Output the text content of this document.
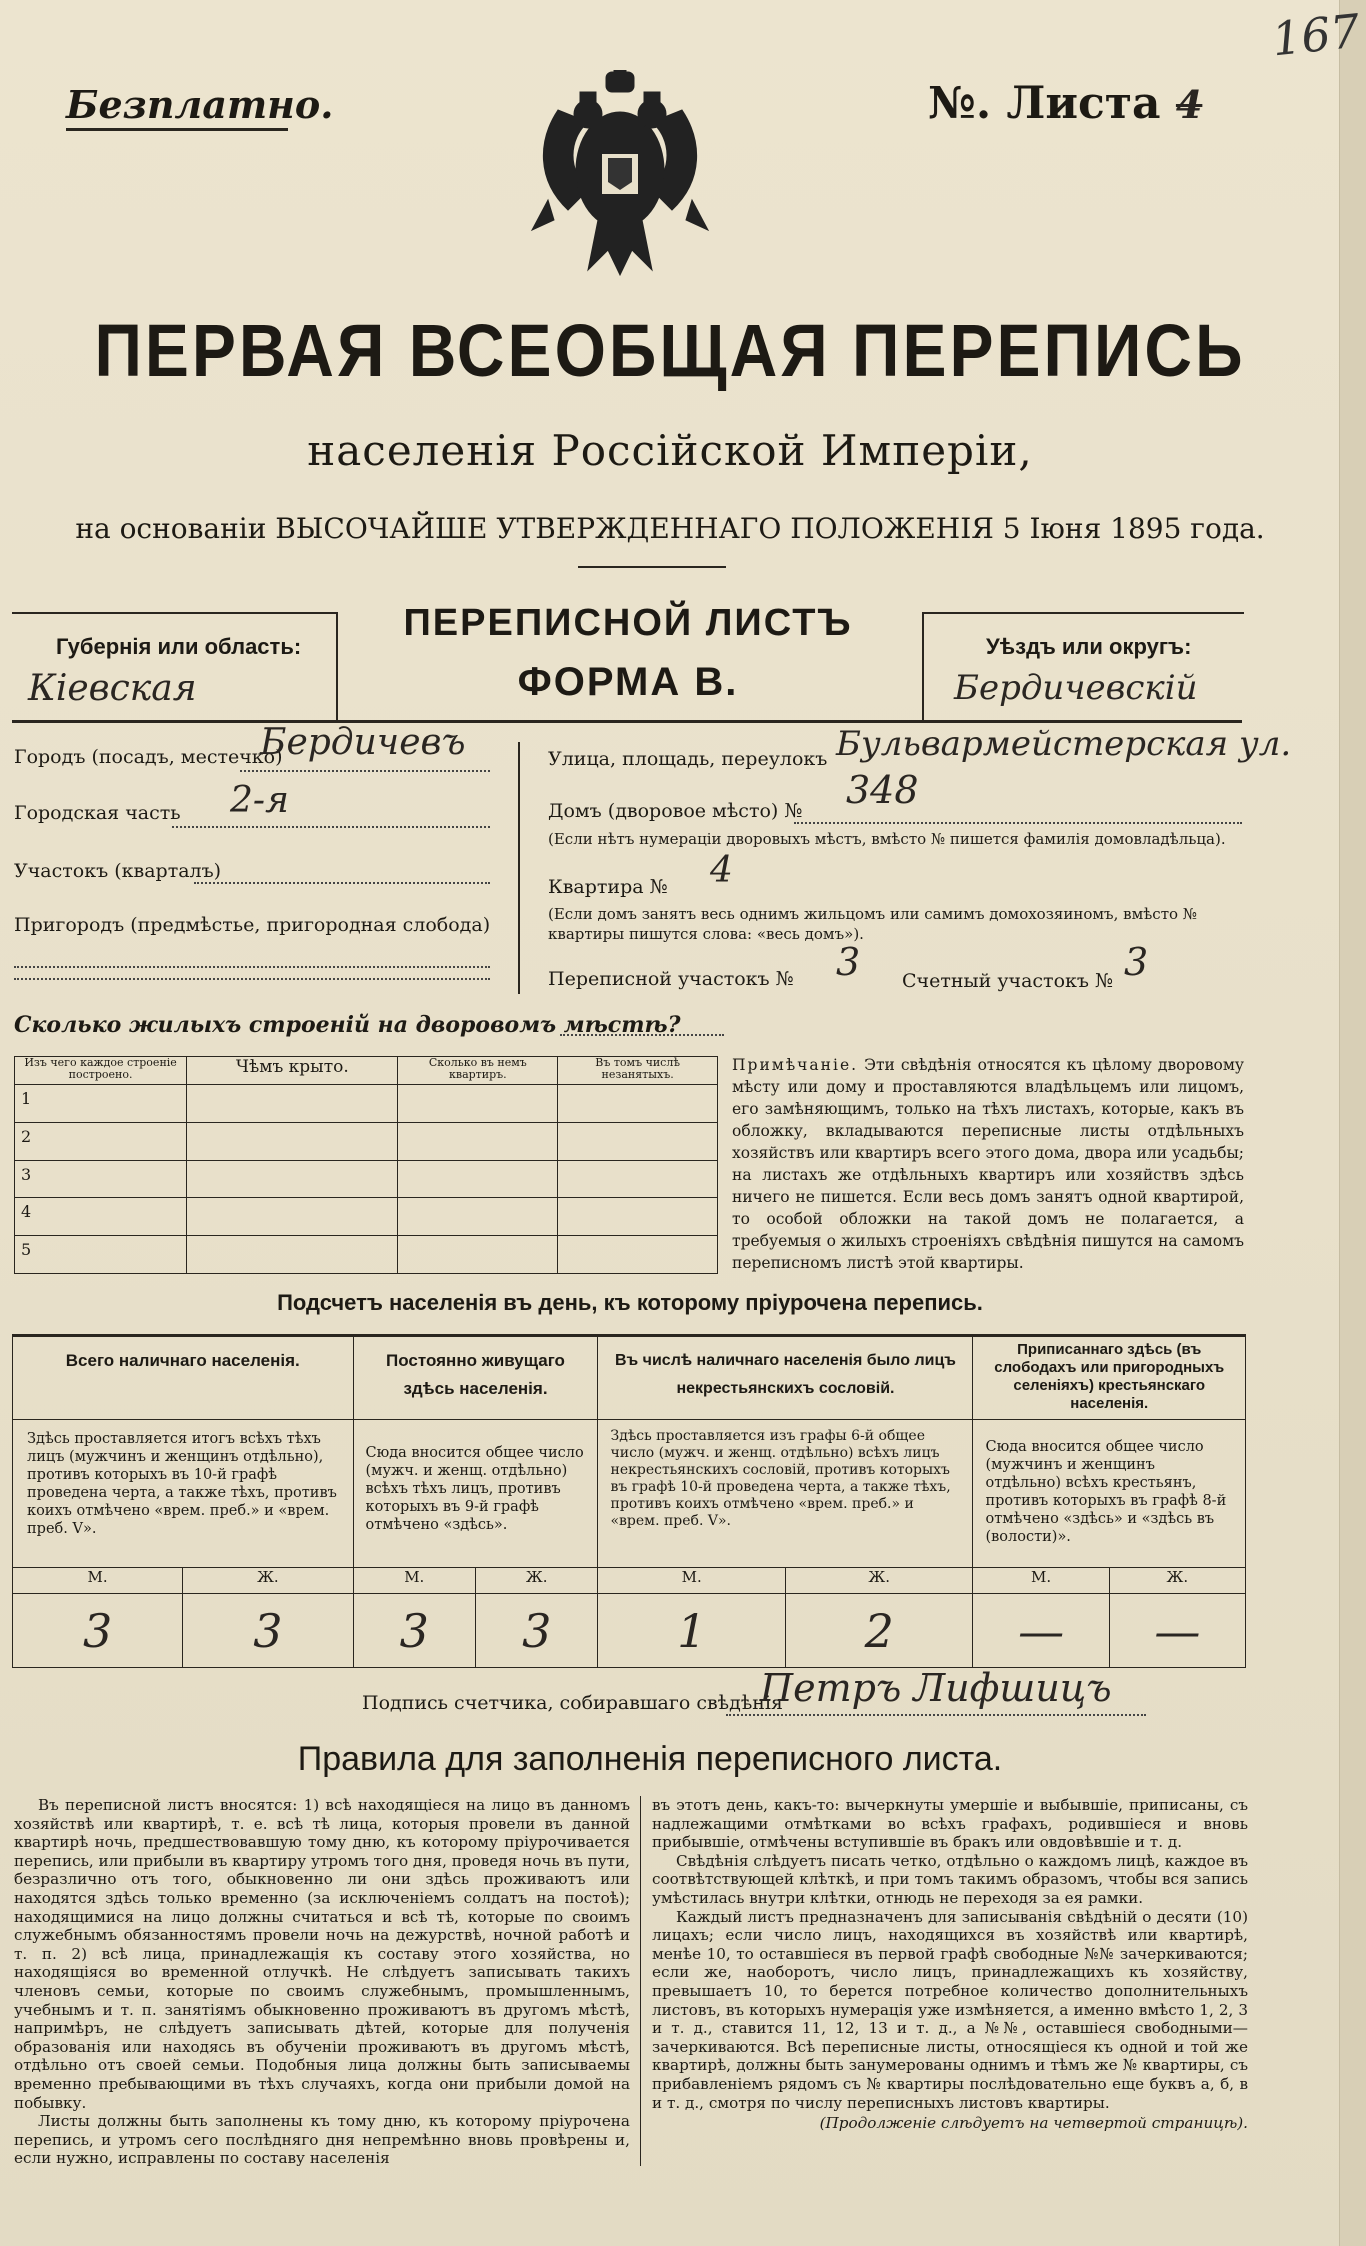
167
Безплатно.	№. Листа 4
ПЕРВАЯ ВСЕОБЩАЯ ПЕРЕПИСЬ
населенія Россійской Имперіи,
на основаніи ВЫСОЧАЙШЕ УТВЕРЖДЕННАГО ПОЛОЖЕНІЯ 5 Іюня 1895 года.
Губернія или область:
Кіевская
ПЕРЕПИСНОЙ ЛИСТЪ
ФОРМА В.
Уѣздъ или округъ:
Бердичевскій
Городъ (посадъ, местечко)
Бердичевъ
Городская часть 2-я
Участокъ (кварталъ)
Пригородъ (предмѣстье, пригородная слобода)
Улица, площадь, переулокъ Бульвармейстерская ул.
Домъ (дворовое мѣсто) № 348
(Если нѣтъ нумераціи дворовыхъ мѣстъ, вмѣсто № пишется фамилія домовладѣльца).
Квартира № 4
(Если домъ занятъ весь однимъ жильцомъ или самимъ домохозяиномъ, вмѣсто № квартиры пишутся слова: «весь домъ»).
Переписной участокъ № 3 Счетный участокъ № 3
Сколько жилыхъ строеній на дворовомъ мѣстѣ?
Изъ чего каждое строеніе построено.	Чѣмъ крыто.	Сколько въ немъ квартиръ.	Въ томъ числѣ незанятыхъ.
1			
2			
3			
4			
5			
Примѣчаніе. Эти свѣдѣнія относятся къ цѣлому дворовому мѣсту или дому и проставляются владѣльцемъ или лицомъ, его замѣняющимъ, только на тѣхъ листахъ, которые, какъ въ обложку, вкладываются переписные листы отдѣльныхъ хозяйствъ или квартиръ всего этого дома, двора или усадьбы; на листахъ же отдѣльныхъ квартиръ или хозяйствъ здѣсь ничего не пишется. Если весь домъ занятъ одной квартирой, то особой обложки на такой домъ не полагается, а требуемыя о жилыхъ строеніяхъ свѣдѣнія пишутся на самомъ переписномъ листѣ этой квартиры.
Подсчетъ населенія въ день, къ которому пріурочена перепись.
Всего наличнаго населенія.		Постоянно живущаго здѣсь населенія.		Въ числѣ наличнаго населенія было лицъ некрестьянскихъ сословій.		Приписаннаго здѣсь (въ слободахъ или пригородныхъ селеніяхъ) крестьянскаго населенія.	
Здѣсь проставляется итогъ всѣхъ тѣхъ лицъ (мужчинъ и женщинъ отдѣльно), противъ которыхъ въ 10-й графѣ проведена черта, а также тѣхъ, противъ коихъ отмѣчено «врем. преб.» и «врем. преб. V».		Сюда вносится общее число (мужч. и женщ. отдѣльно) всѣхъ тѣхъ лицъ, противъ которыхъ въ 9-й графѣ отмѣчено «здѣсь».		Здѣсь проставляется изъ графы 6-й общее число (мужч. и женщ. отдѣльно) всѣхъ лицъ некрестьянскихъ сословій, противъ которыхъ въ графѣ 10-й проведена черта, а также тѣхъ, противъ коихъ отмѣчено «врем. преб.» и «врем. преб. V».		Сюда вносится общее число (мужчинъ и женщинъ отдѣльно) всѣхъ крестьянъ, противъ которыхъ въ графѣ 8-й отмѣчено «здѣсь» и «здѣсь въ (волости)».	
М.	Ж.	М.	Ж.	М.	Ж.	М.	Ж.
3	3	3	3	1	2	—	—
Подпись счетчика, собиравшаго свѣдѣнія
Петръ Лифшицъ
Правила для заполненія переписного листа.

Въ переписной листъ вносятся: 1) всѣ находящіеся на лицо въ данномъ хозяйствѣ или квартирѣ, т. е. всѣ тѣ лица, которыя провели въ данной квартирѣ ночь, предшествовавшую тому дню, къ которому пріурочивается перепись, или прибыли въ квартиру утромъ того дня, проведя ночь въ пути, безразлично отъ того, обыкновенно ли они здѣсь проживаютъ или находятся здѣсь только временно (за исключеніемъ солдатъ на постоѣ); находящимися на лицо должны считаться и всѣ тѣ, которые по своимъ служебнымъ обязанностямъ провели ночь на дежурствѣ, ночной работѣ и т. п. 2) всѣ лица, принадлежащія къ составу этого хозяйства, но находящіяся во временной отлучкѣ. Не слѣдуетъ записывать такихъ членовъ семьи, которые по своимъ служебнымъ, промышленнымъ, учебнымъ и т. п. занятіямъ обыкновенно проживаютъ въ другомъ мѣстѣ, напримѣръ, не слѣдуетъ записывать дѣтей, которые для полученія образованія или находясь въ обученіи проживаютъ въ другомъ мѣстѣ, отдѣльно отъ своей семьи. Подобныя лица должны быть записываемы временно пребывающими въ тѣхъ случаяхъ, когда они прибыли домой на побывку.

Листы должны быть заполнены къ тому дню, къ которому пріурочена перепись, и утромъ сего послѣдняго дня непремѣнно вновь провѣрены и, если нужно, исправлены по составу населенія

въ этотъ день, какъ-то: вычеркнуты умершіе и выбывшіе, приписаны, съ надлежащими отмѣтками во всѣхъ графахъ, родившіеся и вновь прибывшіе, отмѣчены вступившіе въ бракъ или овдовѣвшіе и т. д.

Свѣдѣнія слѣдуетъ писать четко, отдѣльно о каждомъ лицѣ, каждое въ соотвѣтствующей клѣткѣ, и при томъ такимъ образомъ, чтобы вся запись умѣстилась внутри клѣтки, отнюдь не переходя за ея рамки.

Каждый листъ предназначенъ для записыванія свѣдѣній о десяти (10) лицахъ; если число лицъ, находящихся въ хозяйствѣ или квартирѣ, менѣе 10, то оставшіеся въ первой графѣ свободные №№ зачеркиваются; если же, наоборотъ, число лицъ, принадлежащихъ къ хозяйству, превышаетъ 10, то берется потребное количество дополнительныхъ листовъ, въ которыхъ нумерація уже измѣняется, а именно вмѣсто 1, 2, 3 и т. д., ставится 11, 12, 13 и т. д., а №№, оставшіеся свободными—зачеркиваются. Всѣ переписные листы, относящіеся къ одной и той же квартирѣ, должны быть занумерованы однимъ и тѣмъ же № квартиры, съ прибавленіемъ рядомъ съ № квартиры послѣдовательно еще буквъ а, б, в и т. д., смотря по числу переписныхъ листовъ квартиры.

(Продолженіе слѣдуетъ на четвертой страницѣ).
